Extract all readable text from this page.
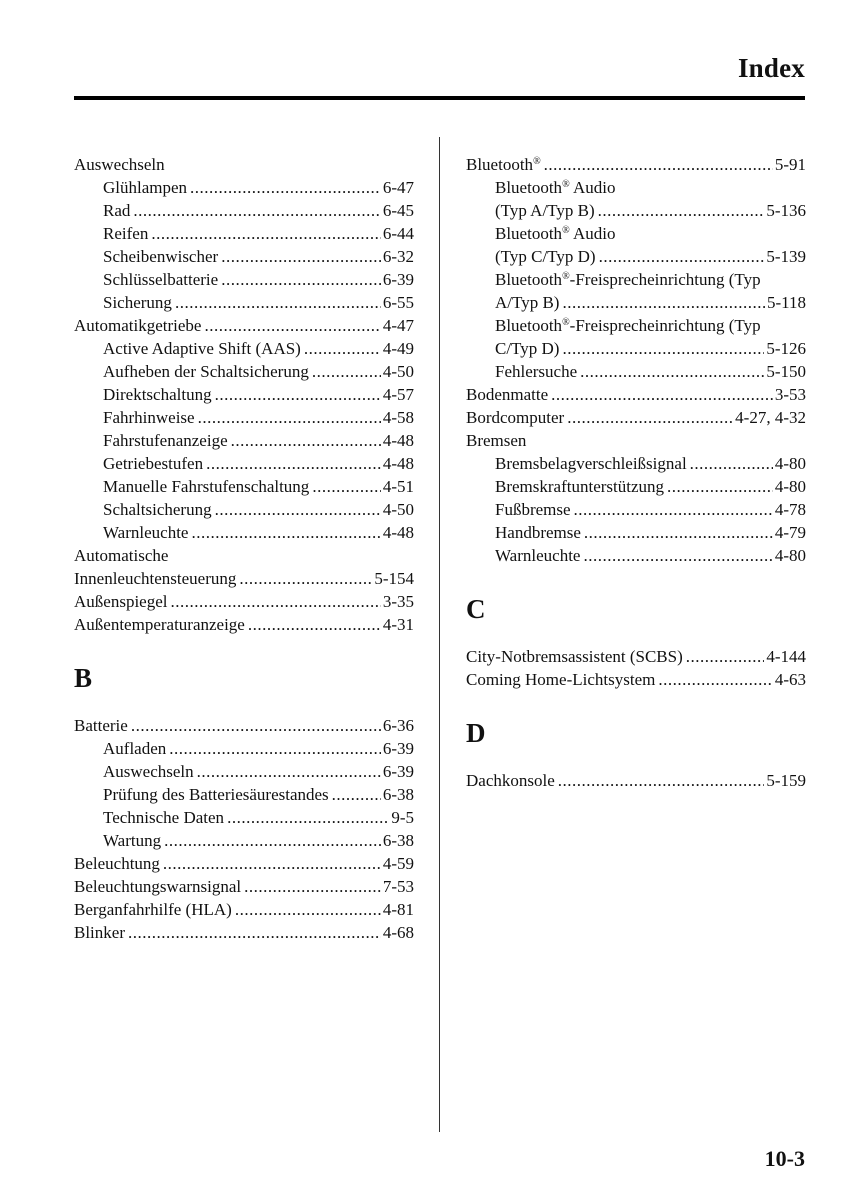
Index
Auswechseln
Glühlampen .....	6-47
Rad .....	6-45
Reifen .....	6-44
Scheibenwischer .....	6-32
Schlüsselbatterie .....	6-39
Sicherung .....	6-55
Automatikgetriebe .....	4-47
Active Adaptive Shift (AAS) .....	4-49
Aufheben der Schaltsicherung .....	4-50
Direktschaltung .....	4-57
Fahrhinweise .....	4-58
Fahrstufenanzeige .....	4-48
Getriebestufen .....	4-48
Manuelle Fahrstufenschaltung .....	4-51
Schaltsicherung .....	4-50
Warnleuchte .....	4-48
Automatische
Innenleuchtensteuerung .....	5-154
Außenspiegel .....	3-35
Außentemperaturanzeige .....	4-31
B
Batterie .....	6-36
Aufladen .....	6-39
Auswechseln .....	6-39
Prüfung des Batteriesäurestandes .....	6-38
Technische Daten .....	9-5
Wartung .....	6-38
Beleuchtung .....	4-59
Beleuchtungswarnsignal .....	7-53
Berganfahrhilfe (HLA) .....	4-81
Blinker .....	4-68
Bluetooth® .....	5-91
Bluetooth® Audio
(Typ A/Typ B) .....	5-136
Bluetooth® Audio
(Typ C/Typ D) .....	5-139
Bluetooth®-Freisprecheinrichtung (Typ
A/Typ B) .....	5-118
Bluetooth®-Freisprecheinrichtung (Typ
C/Typ D) .....	5-126
Fehlersuche .....	5-150
Bodenmatte .....	3-53
Bordcomputer .....	4-27, 4-32
Bremsen
Bremsbelagverschleißsignal .....	4-80
Bremskraftunterstützung .....	4-80
Fußbremse .....	4-78
Handbremse .....	4-79
Warnleuchte .....	4-80
C
City-Notbremsassistent (SCBS) .....	4-144
Coming Home-Lichtsystem .....	4-63
D
Dachkonsole .....	5-159
10-3
